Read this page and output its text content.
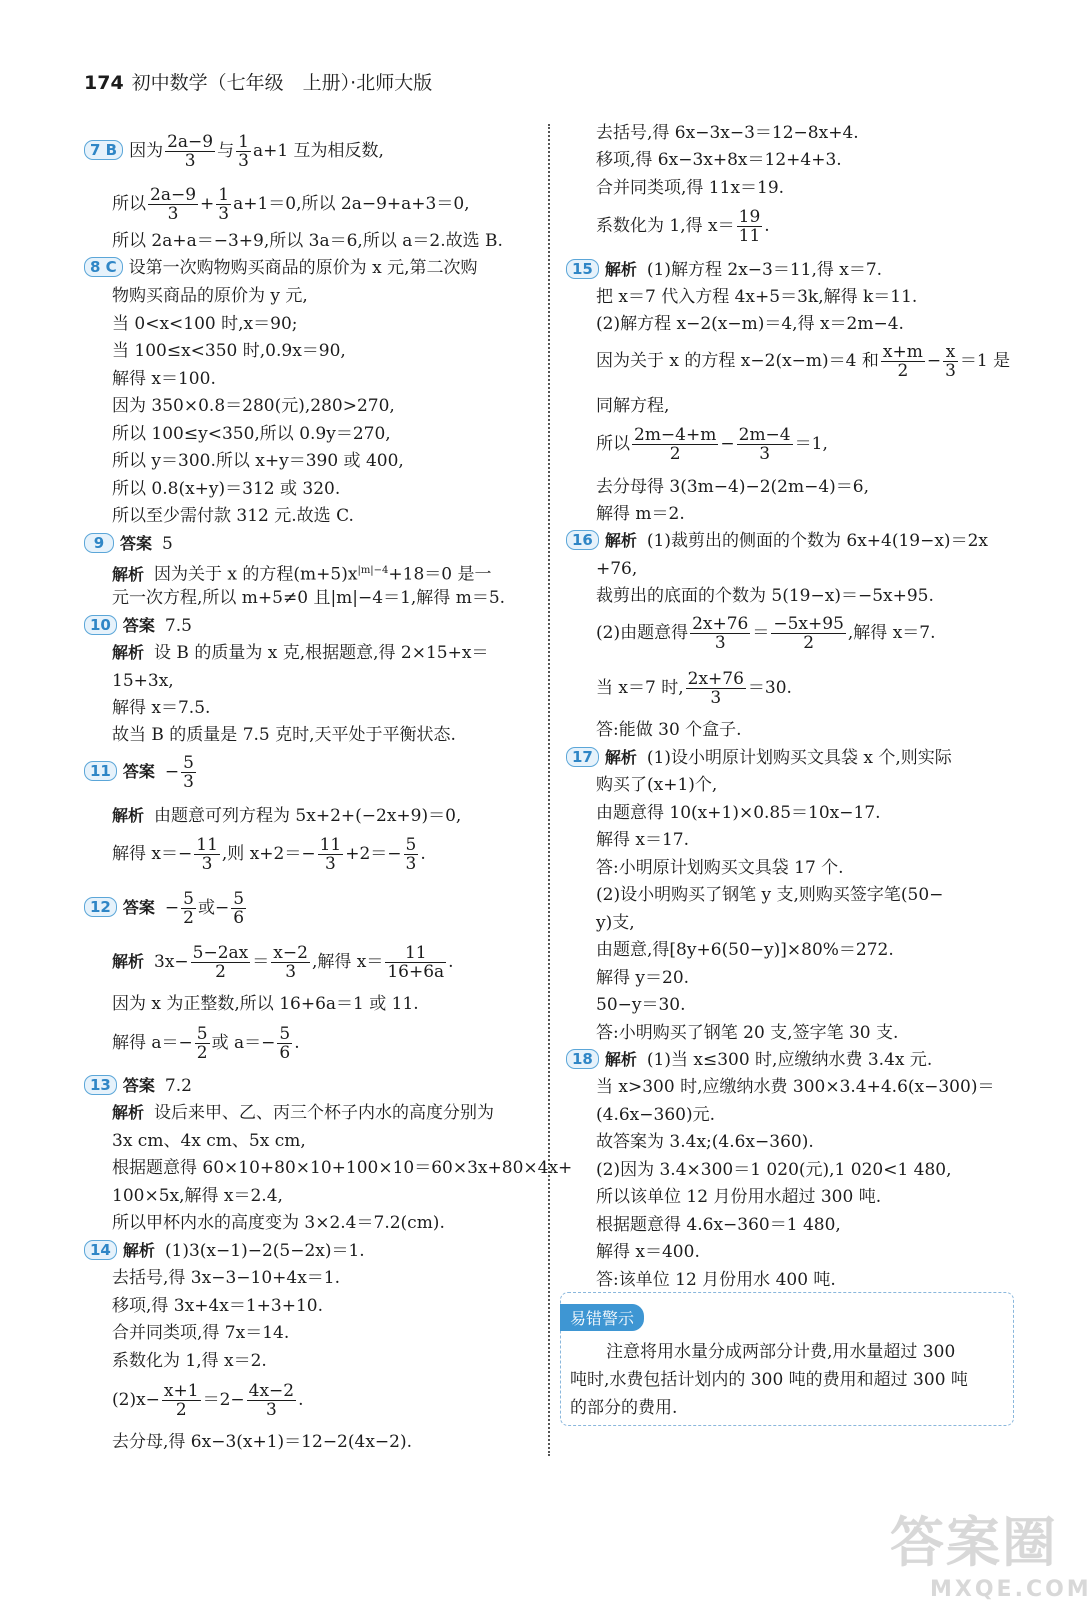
174 初中数学（七年级　上册）·北师大版
7 B 因为 $\frac{2a-9}{3}$ 与 $\frac{1}{3} a+1$ 互为相反数,
所以 $\frac{2a-9}{3} + \frac{1}{3} a+1=0$,所以 2a−9+a+3＝0,
所以 2a+a＝−3+9,所以 3a＝6,所以 a＝2.故选 B.
8 C 设第一次购物购买商品的原价为 x 元,第二次购
物购买商品的原价为 y 元,
当 0<x<100 时,x＝90;
当 100≤x<350 时,0.9x＝90,
解得 x＝100.
因为 350×0.8＝280(元),280>270,
所以 100≤y<350,所以 0.9y＝270,
所以 y＝300.所以 x+y＝390 或 400,
所以 0.8(x+y)＝312 或 320.
所以至少需付款 312 元.故选 C.
9 答案 5
解析 因为关于 x 的方程$(m+5)x^{|m|-4}+18=0$ 是一
元一次方程,所以 m+5≠0 且|m|−4＝1,解得 m＝5.
10 答案 7.5
解析 设 B 的质量为 x 克,根据题意,得 2×15+x＝
15+3x,
解得 x＝7.5.
故当 B 的质量是 7.5 克时,天平处于平衡状态.
11 答案 − $\frac{5}{3}$
解析 由题意可列方程为 5x+2+(−2x+9)＝0,
解得 $x=- \frac{11}{3}$ ,则 $x+2=- \frac{11}{3} +2=- \frac{5}{3}$ .
12 答案 − $\frac{5}{2}$ 或− $\frac{5}{6}$
解析 $3x- \frac{5-2ax}{2} = \frac{x-2}{3}$ ,解得 $x= \frac{11}{16+6a}$ .
因为 x 为正整数,所以 16+6a＝1 或 11.
解得 $a=- \frac{5}{2}$ 或 $a=- \frac{5}{6}$ .
13 答案 7.2
解析 设后来甲、乙、丙三个杯子内水的高度分别为
3x cm、4x cm、5x cm,
根据题意得 60×10+80×10+100×10＝60×3x+80×4x+
100×5x,解得 x＝2.4,
所以甲杯内水的高度变为 3×2.4＝7.2(cm).
14 解析 (1)3(x−1)−2(5−2x)＝1.
去括号,得 3x−3−10+4x＝1.
移项,得 3x+4x＝1+3+10.
合并同类项,得 7x＝14.
系数化为 1,得 x＝2.
$(2)x- \frac{x+1}{2} =2- \frac{4x-2}{3}$ .
去分母,得 6x−3(x+1)＝12−2(4x−2).
去括号,得 6x−3x−3＝12−8x+4.
移项,得 6x−3x+8x＝12+4+3.
合并同类项,得 11x＝19.
系数化为 1,得 $x= \frac{19}{11}$ .
15 解析 (1)解方程 2x−3＝11,得 x＝7.
把 x＝7 代入方程 4x+5＝3k,解得 k＝11.
(2)解方程 x−2(x−m)＝4,得 x＝2m−4.
因为关于 x 的方程 x−2(x−m)＝4 和 $\frac{x+m}{2} - \frac{x}{3} =1$ 是
同解方程,
所以 $\frac{2m-4+m}{2} - \frac{2m-4}{3} =1$,
去分母得 3(3m−4)−2(2m−4)＝6,
解得 m＝2.
16 解析 (1)裁剪出的侧面的个数为 6x+4(19−x)＝2x
+76,
裁剪出的底面的个数为 5(19−x)＝−5x+95.
(2)由题意得 $\frac{2x+76}{3} = \frac{-5x+95}{2}$ ,解得 x＝7.
当 x＝7 时, $\frac{2x+76}{3} =30$.
答:能做 30 个盒子.
17 解析 (1)设小明原计划购买文具袋 x 个,则实际
购买了(x+1)个,
由题意得 10(x+1)×0.85＝10x−17.
解得 x＝17.
答:小明原计划购买文具袋 17 个.
(2)设小明购买了钢笔 y 支,则购买签字笔(50−
y)支,
由题意,得[8y+6(50−y)]×80%＝272.
解得 y＝20.
50−y＝30.
答:小明购买了钢笔 20 支,签字笔 30 支.
18 解析 (1)当 x≤300 时,应缴纳水费 3.4x 元.
当 x>300 时,应缴纳水费 300×3.4+4.6(x−300)＝
(4.6x−360)元.
故答案为 3.4x;(4.6x−360).
(2)因为 3.4×300＝1 020(元),1 020<1 480,
所以该单位 12 月份用水超过 300 吨.
根据题意得 4.6x−360＝1 480,
解得 x＝400.
答:该单位 12 月份用水 400 吨.
易错警示
注意将用水量分成两部分计费,用水量超过 300
吨时,水费包括计划内的 300 吨的费用和超过 300 吨
的部分的费用.
答案圈
MXQE.COM
